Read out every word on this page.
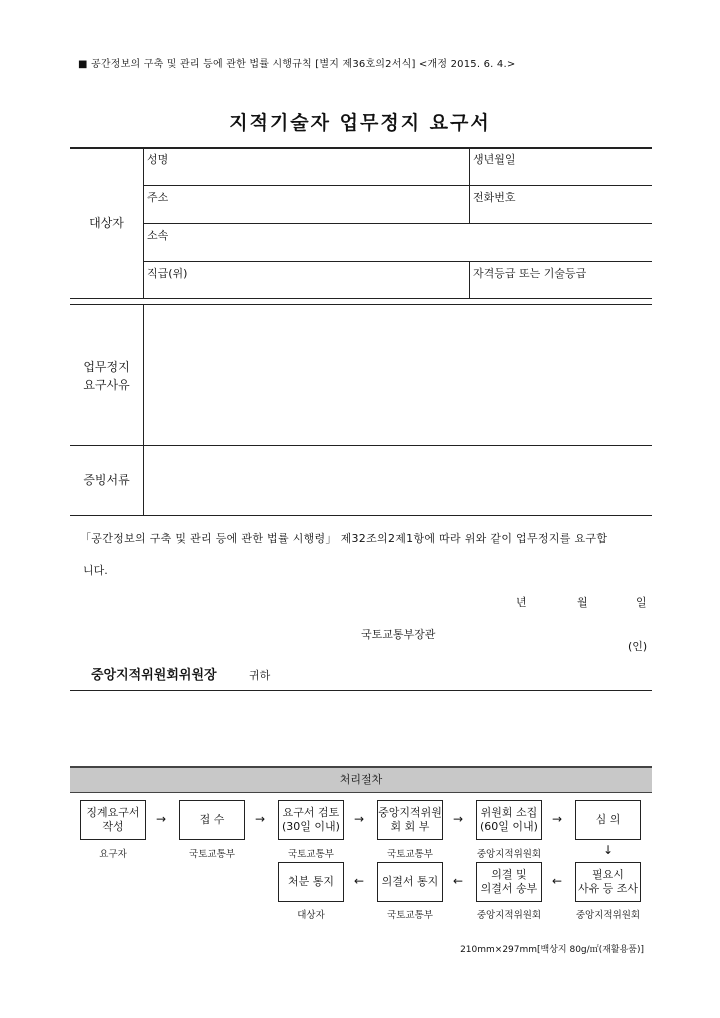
■ 공간정보의 구축 및 관리 등에 관한 법률 시행규칙 [별지 제36호의2서식] <개정 2015. 6. 4.>
지적기술자 업무정지 요구서
대상자
성명	생년월일
주소	전화번호
소속
직급(위)	자격등급 또는 기술등급
업무정지
요구사유
증빙서류
「공간정보의 구축 및 관리 등에 관한 법률 시행령」 제32조의2제1항에 따라 위와 같이 업무정지를 요구합
니다.
년	월	일
국토교통부장관
(인)
중앙지적위원회위원장	귀하
처리절차
징계요구서
작성
접 수
요구서 검토
(30일 이내)
중앙지적위원
회 회 부
위원회 소집
(60일 이내)
심 의
→	→	→	→	→
요구자	국토교통부	국토교통부	국토교통부	중앙지적위원회	↓
처분 통지	의결서 통지
의결 및
의결서 송부
필요시
사유 등 조사
←	←	←
대상자	국토교통부	중앙지적위원회	중앙지적위원회
210mm×297mm[백상지 80g/㎡(재활용품)]
